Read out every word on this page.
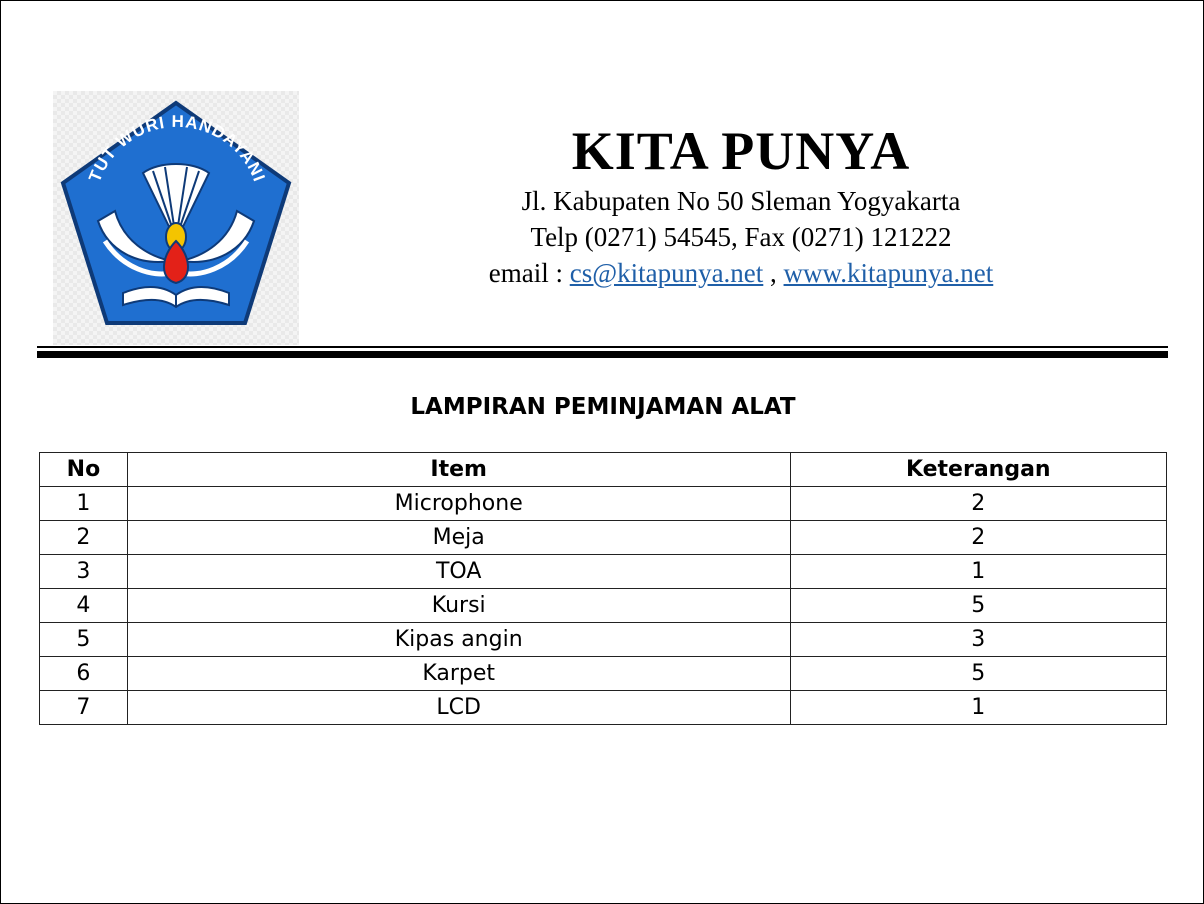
TUT WURI HANDAYANI	KITA PUNYA
Jl. Kabupaten No 50 Sleman Yogyakarta
Telp (0271) 54545, Fax (0271) 121222
email : cs@kitapunya.net , www.kitapunya.net
LAMPIRAN PEMINJAMAN ALAT
No	Item	Keterangan
1	Microphone	2
2	Meja	2
3	TOA	1
4	Kursi	5
5	Kipas angin	3
6	Karpet	5
7	LCD	1
